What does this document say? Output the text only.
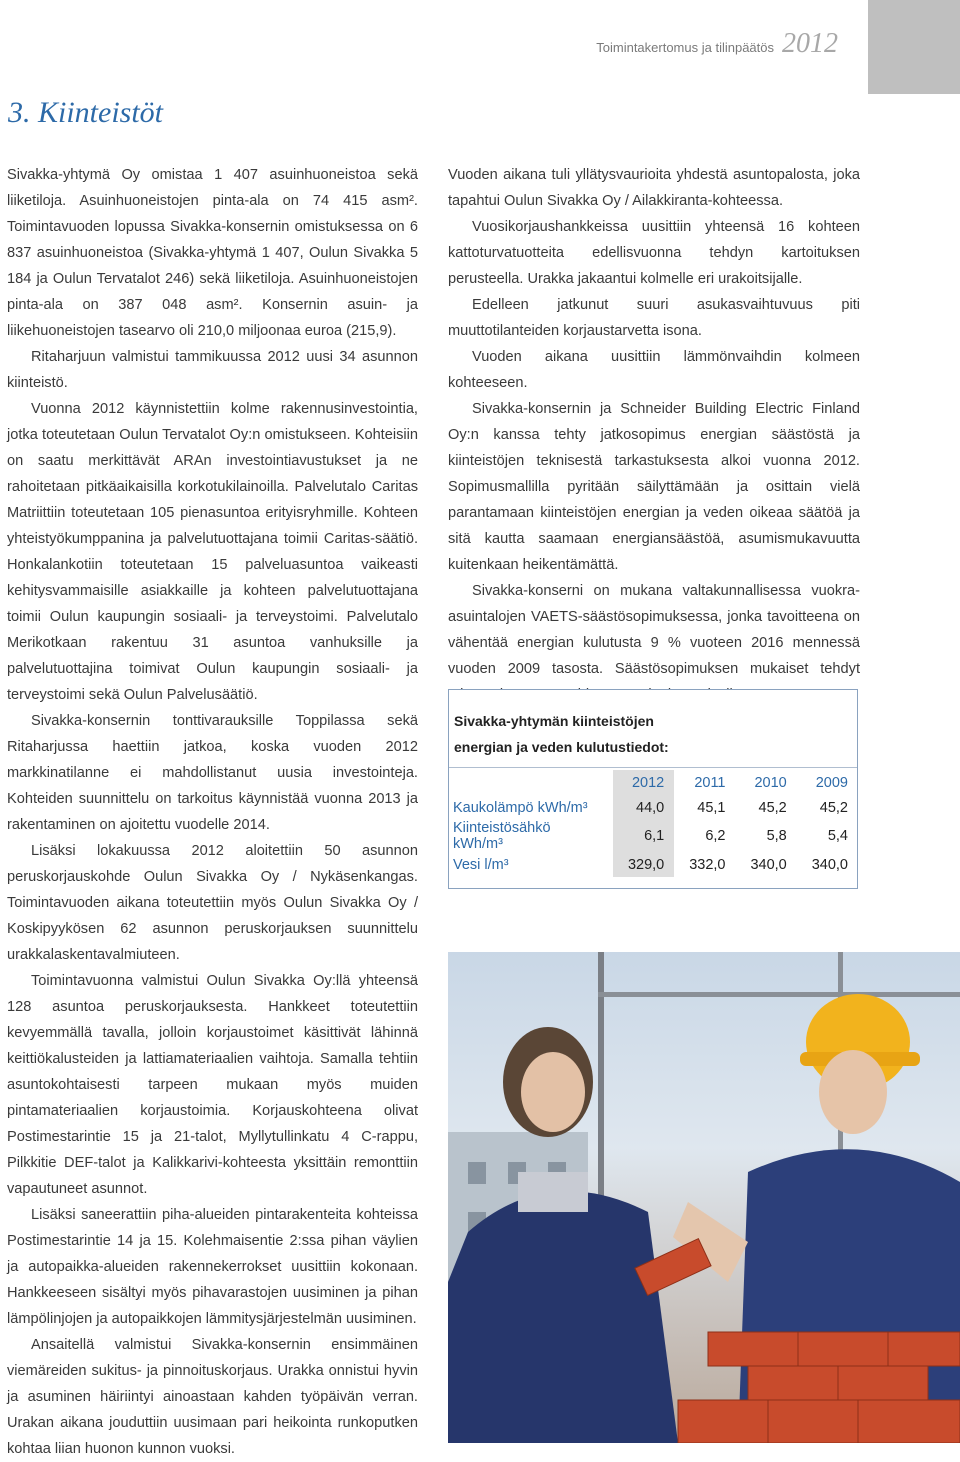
Toimintakertomus ja tilinpäätös 2012
3. Kiinteistöt

Sivakka-yhtymä Oy omistaa 1 407 asuinhuoneistoa sekä liiketiloja. Asuinhuoneistojen pinta-ala on 74 415 asm². Toimintavuoden lopussa Sivakka-konsernin omistuksessa on 6 837 asuinhuoneistoa (Sivakka-yhtymä 1 407, Oulun Sivakka 5 184 ja Oulun Tervatalot 246) sekä liiketiloja. Asuinhuoneistojen pinta-ala on 387 048 asm². Konsernin asuin- ja liikehuoneistojen tasearvo oli 210,0 miljoonaa euroa (215,9).

Ritaharjuun valmistui tammikuussa 2012 uusi 34 asunnon kiinteistö.

Vuonna 2012 käynnistettiin kolme rakennusinvestointia, jotka toteutetaan Oulun Tervatalot Oy:n omistukseen. Kohteisiin on saatu merkittävät ARAn investointiavustukset ja ne rahoitetaan pitkäaikaisilla korkotukilainoilla. Palvelutalo Caritas Matriittiin toteutetaan 105 pienasuntoa erityisryhmille. Kohteen yhteistyökumppanina ja palvelutuottajana toimii Caritas-säätiö. Honkalankotiin toteutetaan 15 palveluasuntoa vaikeasti kehitysvammaisille asiakkaille ja kohteen palvelutuottajana toimii Oulun kaupungin sosiaali- ja terveystoimi. Palvelutalo Merikotkaan rakentuu 31 asuntoa vanhuksille ja palvelutuottajina toimivat Oulun kaupungin sosiaali- ja terveystoimi sekä Oulun Palvelusäätiö.

Sivakka-konsernin tonttivarauksille Toppilassa sekä Ritaharjussa haettiin jatkoa, koska vuoden 2012 markkinatilanne ei mahdollistanut uusia investointeja. Kohteiden suunnittelu on tarkoitus käynnistää vuonna 2013 ja rakentaminen on ajoitettu vuodelle 2014.

Lisäksi lokakuussa 2012 aloitettiin 50 asunnon peruskorjauskohde Oulun Sivakka Oy / Nykäsenkangas. Toimintavuoden aikana toteutettiin myös Oulun Sivakka Oy / Koskipyykösen 62 asunnon peruskorjauksen suunnittelu urakkalaskentavalmiuteen.

Toimintavuonna valmistui Oulun Sivakka Oy:llä yhteensä 128 asuntoa peruskorjauksesta. Hankkeet toteutettiin kevyemmällä tavalla, jolloin korjaustoimet käsittivät lähinnä keittiökalusteiden ja lattiamateriaalien vaihtoja. Samalla tehtiin asuntokohtaisesti tarpeen mukaan myös muiden pintamateriaalien korjaustoimia. Korjauskohteena olivat Postimestarintie 15 ja 21-talot, Myllytullinkatu 4 C-rappu, Pilkkitie DEF-talot ja Kalikkarivi-kohteesta yksittäin remonttiin vapautuneet asunnot.

Lisäksi saneerattiin piha-alueiden pintarakenteita kohteissa Postimestarintie 14 ja 15. Kolehmaisentie 2:ssa pihan väylien ja autopaikka-alueiden rakennekerrokset uusittiin kokonaan. Hankkeeseen sisältyi myös pihavarastojen uusiminen ja pihan lämpölinjojen ja autopaikkojen lämmitysjärjestelmän uusiminen.

Ansaitellä valmistui Sivakka-konsernin ensimmäinen viemäreiden sukitus- ja pinnoituskorjaus. Urakka onnistui hyvin ja asuminen häiriintyi ainoastaan kahden työpäivän verran. Urakan aikana jouduttiin uusimaan pari heikointa runkoputken kohtaa liian huonon kunnon vuoksi.

Vuoden aikana tuli yllätysvaurioita yhdestä asuntopalosta, joka tapahtui Oulun Sivakka Oy / Ailakkiranta-kohteessa.

Vuosikorjaushankkeissa uusittiin yhteensä 16 kohteen kattoturvatuotteita edellisvuonna tehdyn kartoituksen perusteella. Urakka jakaantui kolmelle eri urakoitsijalle.

Edelleen jatkunut suuri asukasvaihtuvuus piti muuttotilanteiden korjaustarvetta isona.

Vuoden aikana uusittiin lämmönvaihdin kolmeen kohteeseen.

Sivakka-konsernin ja Schneider Building Electric Finland Oy:n kanssa tehty jatkosopimus energian säästöstä ja kiinteistöjen teknisestä tarkastuksesta alkoi vuonna 2012. Sopimusmallilla pyritään säilyttämään ja osittain vielä parantamaan kiinteistöjen energian ja veden oikeaa säätöä ja sitä kautta saamaan energiansäästöä, asumismukavuutta kuitenkaan heikentämättä.

Sivakka-konserni on mukana valtakunnallisessa vuokra-asuintalojen VAETS-säästösopimuksessa, jonka tavoitteena on vähentää energian kulutusta 9 % vuoteen 2016 mennessä vuoden 2009 tasosta. Säästösopimuksen mukaiset tehdyt

Sivakka-yhtymän kiinteistöjen
energian ja veden kulutustiedot:
	2012	2011	2010	2009
Kaukolämpö kWh/m³	44,0	45,1	45,2	45,2
Kiinteistösähkö kWh/m³	6,1	6,2	5,8	5,4
Vesi l/m³	329,0	332,0	340,0	340,0
